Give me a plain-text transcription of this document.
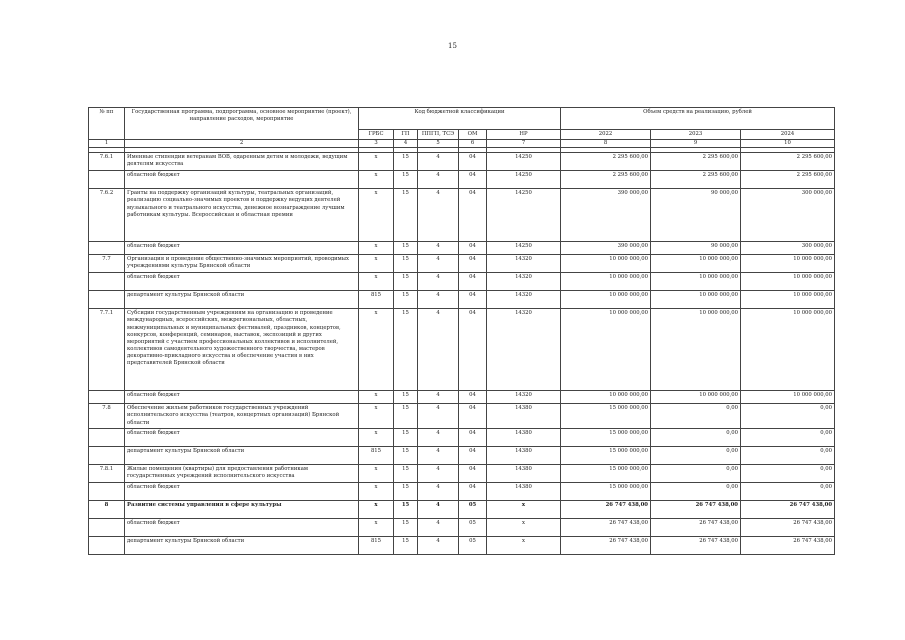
15
№ пп	Государственная программа, подпрограмма, основное мероприятие (проект), направление расходов, мероприятие	Код бюджетной классификации					Объем средств на реализацию, рублей		
		ГРБС	ГП	ППГП, ТСЭ	ОМ	НР	2022	2023	2024
1	2	3	4	5	6	7	8	9	10

7.6.1	Именные стипендии ветеранам ВОВ, одаренным детям и молодежи, ведущим деятелям искусства	х	15	4	04	14250	2 295 600,00	2 295 600,00	2 295 600,00
	областной бюджет	х	15	4	04	14250	2 295 600,00	2 295 600,00	2 295 600,00
7.6.2	Гранты на поддержку организаций культуры, театральных организаций, реализацию социально-значимых проектов и поддержку ведущих деятелей музыкального и театрального искусства, денежное вознаграждение лучшим работникам культуры. Всероссийская и областная премии	х	15	4	04	14250	390 000,00	90 000,00	300 000,00
	областной бюджет	х	15	4	04	14250	390 000,00	90 000,00	300 000,00
7.7	Организация и проведение общественно-значимых мероприятий, проводимых учреждениями культуры Брянской области	х	15	4	04	14320	10 000 000,00	10 000 000,00	10 000 000,00
	областной бюджет	х	15	4	04	14320	10 000 000,00	10 000 000,00	10 000 000,00
	департамент культуры Брянской области	815	15	4	04	14320	10 000 000,00	10 000 000,00	10 000 000,00
7.7.1	Субсидии государственным учреждениям на организацию и проведение международных, всероссийских, межрегиональных, областных, межмуниципальных и муниципальных фестивалей, праздников, концертов, конкурсов, конференций, семинаров, выставок, экспозиций и других мероприятий с участием профессиональных коллективов и исполнителей, коллективов самодеятельного художественного творчества, мастеров декоративно-прикладного искусства и обеспечение участия в них представителей Брянской области	х	15	4	04	14320	10 000 000,00	10 000 000,00	10 000 000,00
	областной бюджет	х	15	4	04	14320	10 000 000,00	10 000 000,00	10 000 000,00
7.8	Обеспечение жильем работников государственных учреждений исполнительского искусства (театров, концертных организаций) Брянской области	х	15	4	04	14380	15 000 000,00	0,00	0,00
	областной бюджет	х	15	4	04	14380	15 000 000,00	0,00	0,00
	департамент культуры Брянской области	815	15	4	04	14380	15 000 000,00	0,00	0,00
7.8.1	Жилые помещения (квартиры) для предоставления работникам государственных учреждений исполнительского искусства	х	15	4	04	14380	15 000 000,00	0,00	0,00
	областной бюджет	х	15	4	04	14380	15 000 000,00	0,00	0,00
8	Развитие системы управления в сфере культуры	х	15	4	05	х	26 747 438,00	26 747 438,00	26 747 438,00
	областной бюджет	х	15	4	05	х	26 747 438,00	26 747 438,00	26 747 438,00
	департамент культуры Брянской области	815	15	4	05	х	26 747 438,00	26 747 438,00	26 747 438,00
